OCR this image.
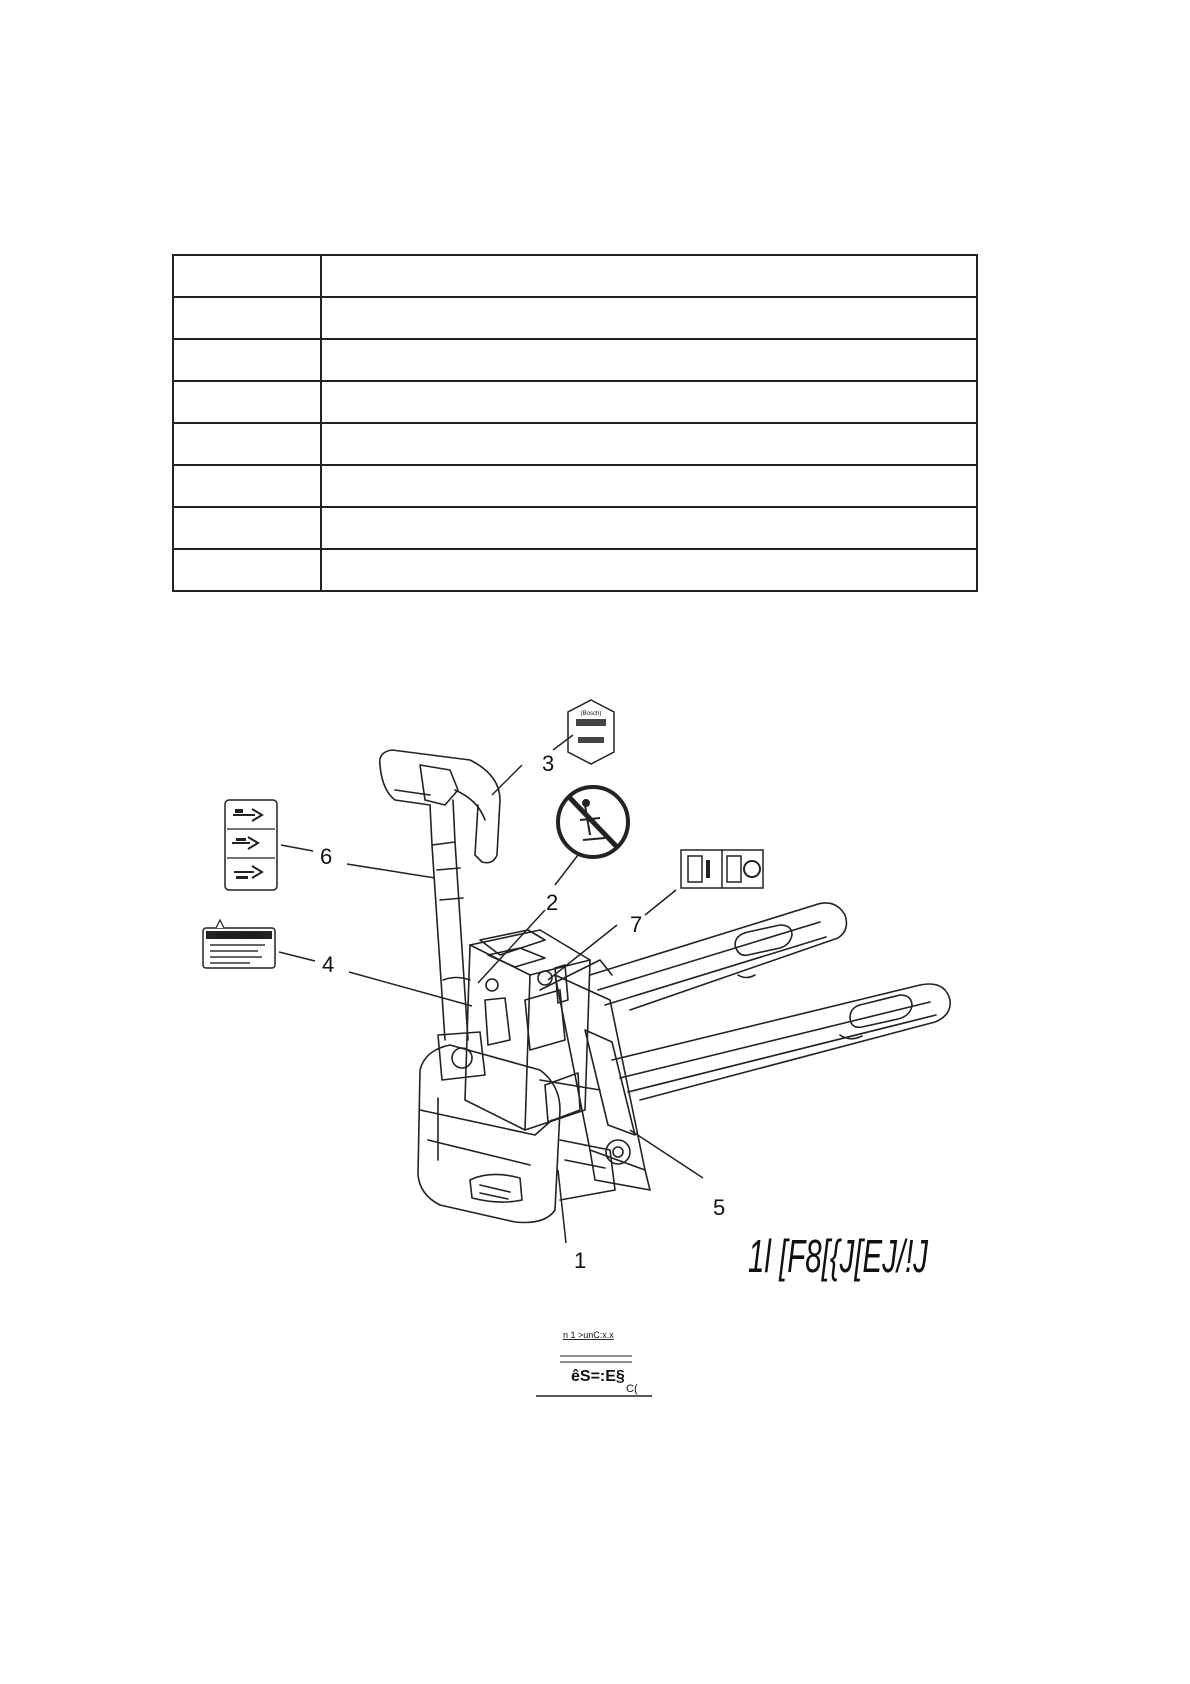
(Bosch)
CHARGE LEVEL
3
6
2
7
4
1
5
1l [F8[{J[EJ/!J
n 1 >unC:x.x
êS=:E§
C(
